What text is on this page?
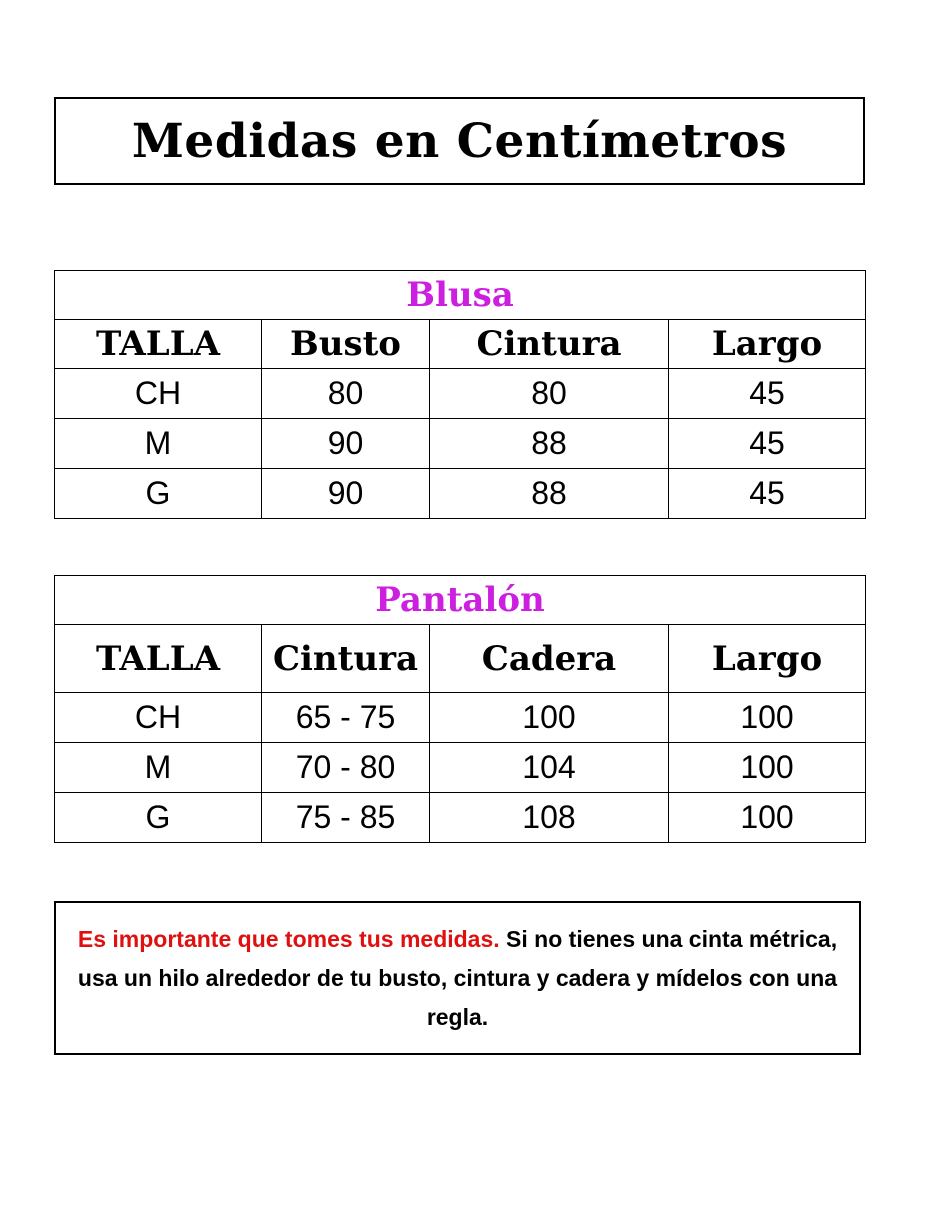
Medidas en Centímetros
Blusa			
TALLA	Busto	Cintura	Largo
CH	80	80	45
M	90	88	45
G	90	88	45
Pantalón			
TALLA	Cintura	Cadera	Largo
CH	65 - 75	100	100
M	70 - 80	104	100
G	75 - 85	108	100
Es importante que tomes tus medidas. Si no tienes una cinta métrica, usa un hilo alrededor de tu busto, cintura y cadera y mídelos con una regla.
